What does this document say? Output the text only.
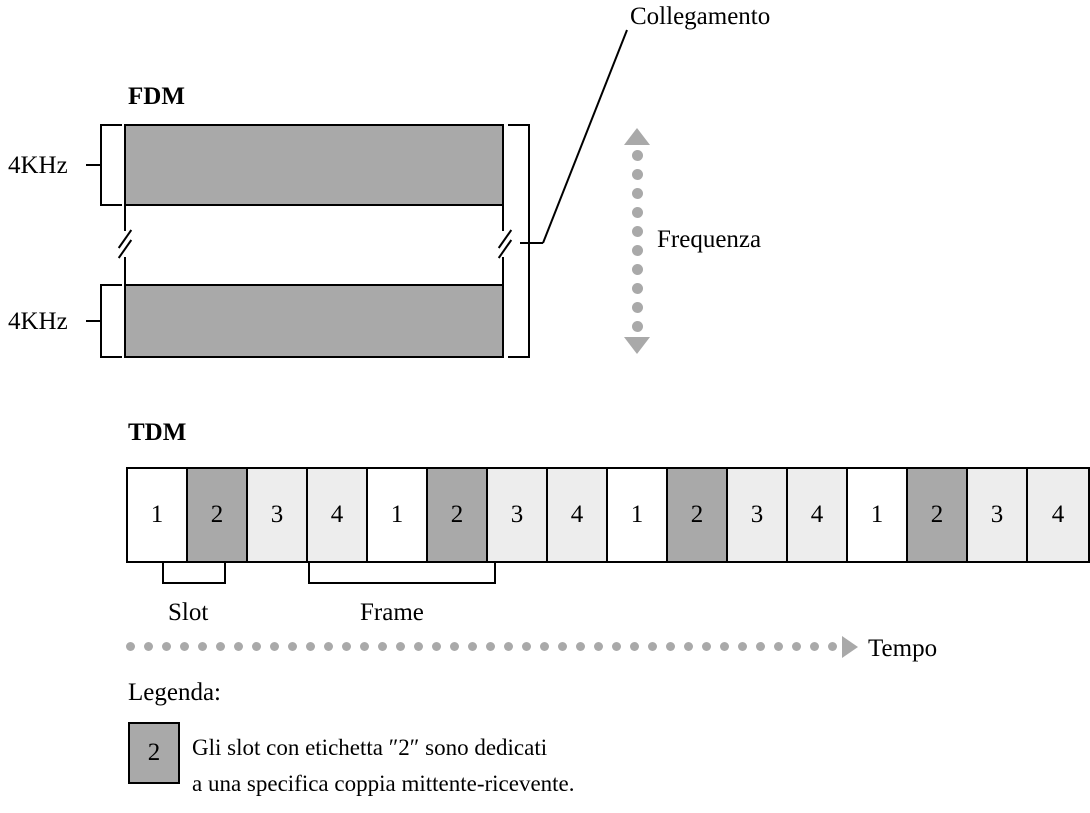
Collegamento
FDM
4KHz
4KHz
Frequenza
TDM
1	2	3	4	1	2	3	4	1	2	3	4	1	2	3	4
Slot	Frame
Tempo
Legenda:
2 Gli slot con etichetta ″2″ sono dedicati
a una specifica coppia mittente-ricevente.
